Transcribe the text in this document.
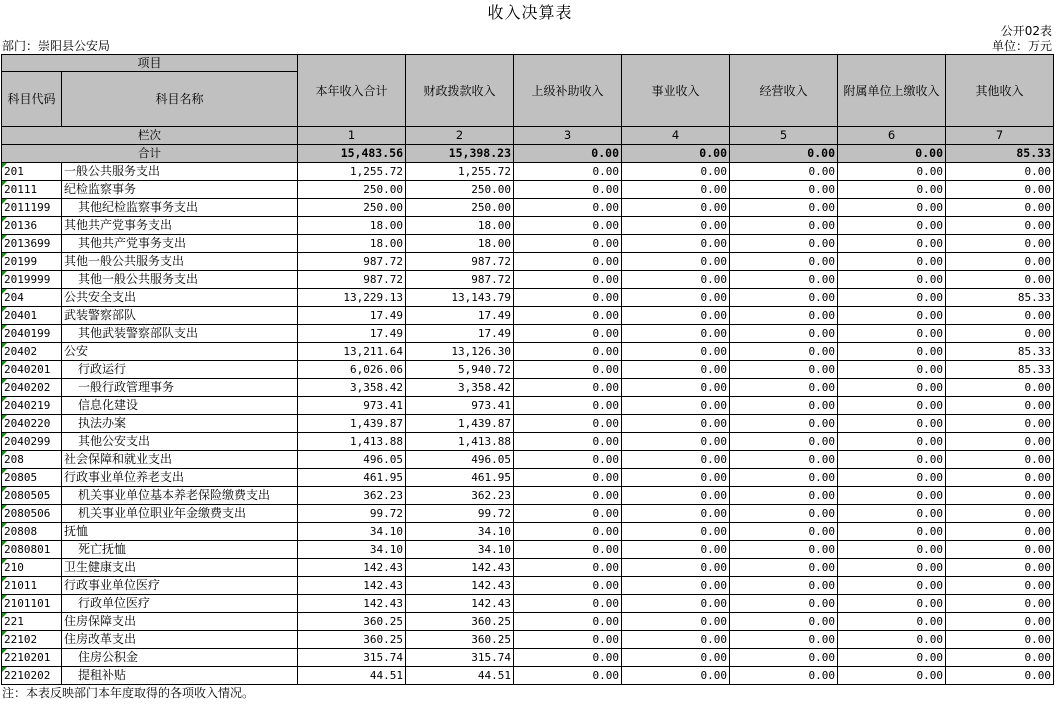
收入决算表
公开02表
单位：万元
部门：崇阳县公安局
项目		本年收入合计	财政拨款收入	上级补助收入	事业收入	经营收入	附属单位上缴收入	其他收入
科目代码	科目名称							
栏次		1	2	3	4	5	6	7
合计		15,483.56	15,398.23	0.00	0.00	0.00	0.00	85.33
201	一般公共服务支出	1,255.72	1,255.72	0.00	0.00	0.00	0.00	0.00
20111	纪检监察事务	250.00	250.00	0.00	0.00	0.00	0.00	0.00
2011199	其他纪检监察事务支出	250.00	250.00	0.00	0.00	0.00	0.00	0.00
20136	其他共产党事务支出	18.00	18.00	0.00	0.00	0.00	0.00	0.00
2013699	其他共产党事务支出	18.00	18.00	0.00	0.00	0.00	0.00	0.00
20199	其他一般公共服务支出	987.72	987.72	0.00	0.00	0.00	0.00	0.00
2019999	其他一般公共服务支出	987.72	987.72	0.00	0.00	0.00	0.00	0.00
204	公共安全支出	13,229.13	13,143.79	0.00	0.00	0.00	0.00	85.33
20401	武装警察部队	17.49	17.49	0.00	0.00	0.00	0.00	0.00
2040199	其他武装警察部队支出	17.49	17.49	0.00	0.00	0.00	0.00	0.00
20402	公安	13,211.64	13,126.30	0.00	0.00	0.00	0.00	85.33
2040201	行政运行	6,026.06	5,940.72	0.00	0.00	0.00	0.00	85.33
2040202	一般行政管理事务	3,358.42	3,358.42	0.00	0.00	0.00	0.00	0.00
2040219	信息化建设	973.41	973.41	0.00	0.00	0.00	0.00	0.00
2040220	执法办案	1,439.87	1,439.87	0.00	0.00	0.00	0.00	0.00
2040299	其他公安支出	1,413.88	1,413.88	0.00	0.00	0.00	0.00	0.00
208	社会保障和就业支出	496.05	496.05	0.00	0.00	0.00	0.00	0.00
20805	行政事业单位养老支出	461.95	461.95	0.00	0.00	0.00	0.00	0.00
2080505	机关事业单位基本养老保险缴费支出	362.23	362.23	0.00	0.00	0.00	0.00	0.00
2080506	机关事业单位职业年金缴费支出	99.72	99.72	0.00	0.00	0.00	0.00	0.00
20808	抚恤	34.10	34.10	0.00	0.00	0.00	0.00	0.00
2080801	死亡抚恤	34.10	34.10	0.00	0.00	0.00	0.00	0.00
210	卫生健康支出	142.43	142.43	0.00	0.00	0.00	0.00	0.00
21011	行政事业单位医疗	142.43	142.43	0.00	0.00	0.00	0.00	0.00
2101101	行政单位医疗	142.43	142.43	0.00	0.00	0.00	0.00	0.00
221	住房保障支出	360.25	360.25	0.00	0.00	0.00	0.00	0.00
22102	住房改革支出	360.25	360.25	0.00	0.00	0.00	0.00	0.00
2210201	住房公积金	315.74	315.74	0.00	0.00	0.00	0.00	0.00
2210202	提租补贴	44.51	44.51	0.00	0.00	0.00	0.00	0.00
注：本表反映部门本年度取得的各项收入情况。
